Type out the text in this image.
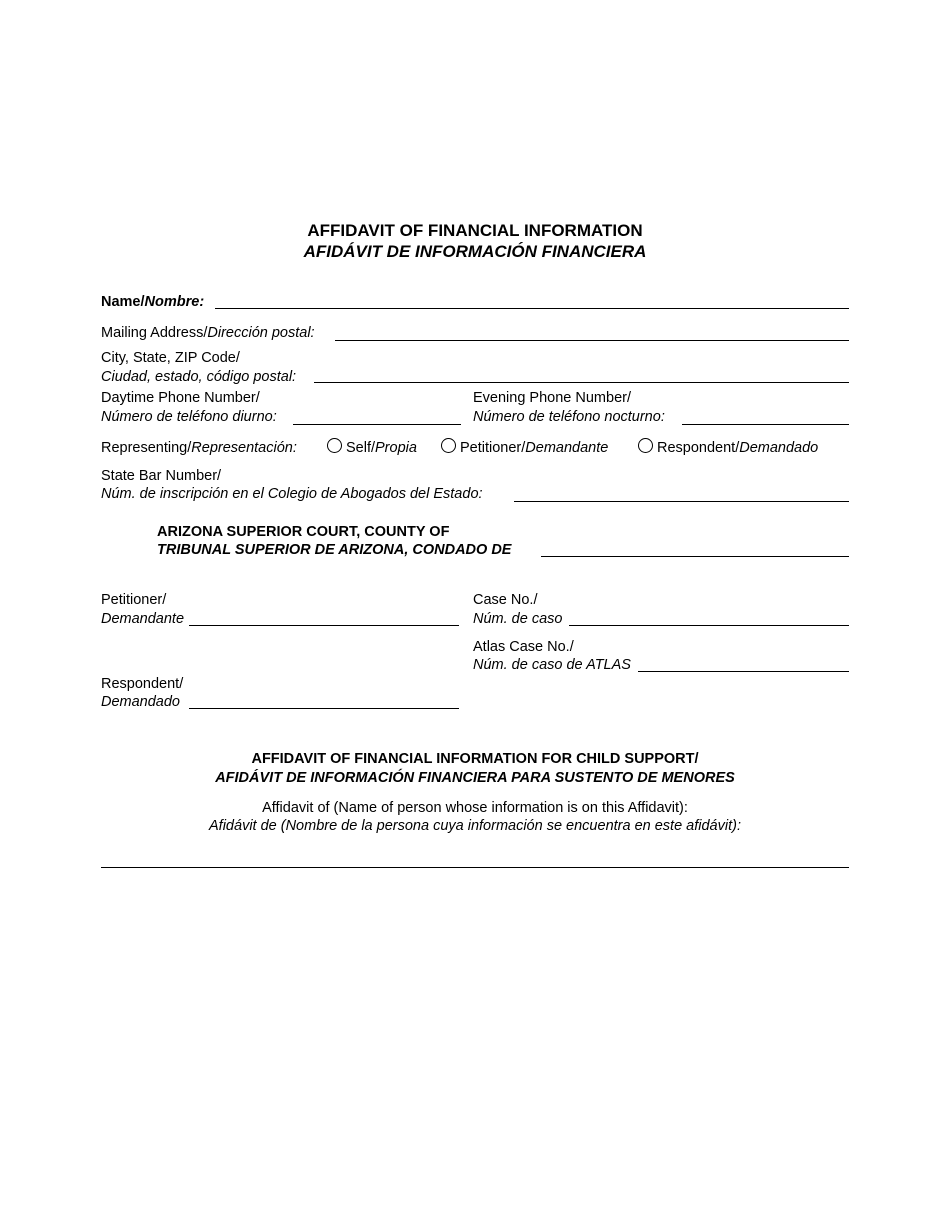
AFFIDAVIT OF FINANCIAL INFORMATION
AFIDÁVIT DE INFORMACIÓN FINANCIERA
Name/Nombre:
Mailing Address/Dirección postal:
City, State, ZIP Code/
Ciudad, estado, código postal:
Daytime Phone Number/
Número de teléfono diurno:
Evening Phone Number/
Número de teléfono nocturno:
Representing/Representación:	Self/Propia	Petitioner/Demandante	Respondent/Demandado
State Bar Number/
Núm. de inscripción en el Colegio de Abogados del Estado:
ARIZONA SUPERIOR COURT, COUNTY OF
TRIBUNAL SUPERIOR DE ARIZONA, CONDADO DE
Petitioner/
Demandante
Case No./
Núm. de caso
Atlas Case No./
Núm. de caso de ATLAS
Respondent/
Demandado
AFFIDAVIT OF FINANCIAL INFORMATION FOR CHILD SUPPORT/
AFIDÁVIT DE INFORMACIÓN FINANCIERA PARA SUSTENTO DE MENORES
Affidavit of (Name of person whose information is on this Affidavit):
Afidávit de (Nombre de la persona cuya información se encuentra en este afidávit):
